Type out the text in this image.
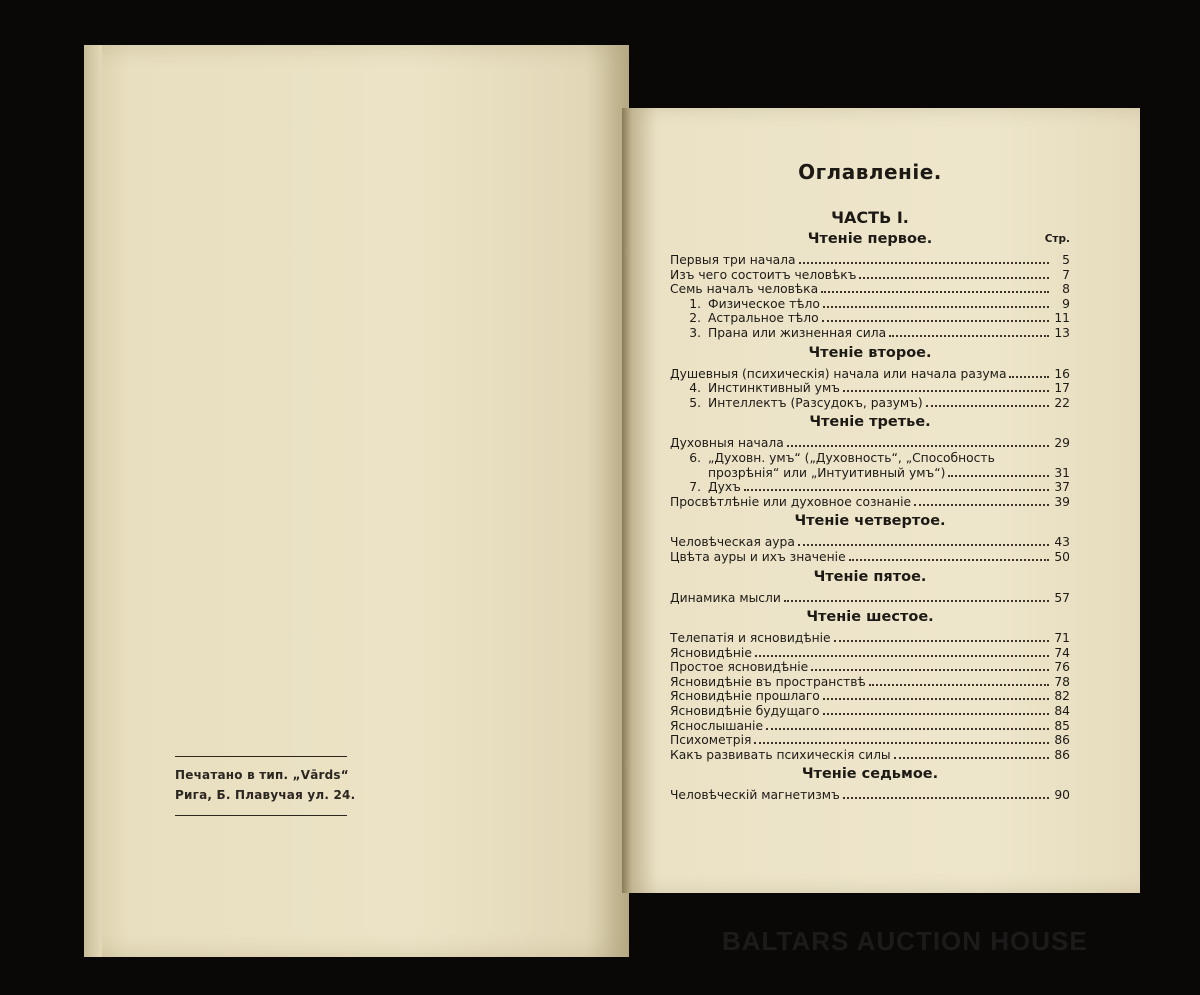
Печатано в тип. „Vārds“
Рига, Б. Плавучая ул. 24.
Оглавленіе.
ЧАСТЬ I.
Чтеніе первое.	Стр.
Первыя три начала	5
Изъ чего состоитъ человѣкъ	7
Семь началъ человѣка	8
1. Физическое тѣло	9
2. Астральное тѣло	11
3. Прана или жизненная сила	13
Чтеніе второе.
Душевныя (психическія) начала или начала разума	16
4. Инстинктивный умъ	17
5. Интеллектъ (Разсудокъ, разумъ)	22
Чтеніе третье.
Духовныя начала	29
6. „Духовн. умъ“ („Духовность“, „Способность
прозрѣнія“ или „Интуитивный умъ“)	31
7. Духъ	37
Просвѣтлѣніе или духовное сознаніе	39
Чтеніе четвертое.
Человѣческая аура	43
Цвѣта ауры и ихъ значеніе	50
Чтеніе пятое.
Динамика мысли	57
Чтеніе шестое.
Телепатія и ясновидѣніе	71
Ясновидѣніе	74
Простое ясновидѣніе	76
Ясновидѣніе въ пространствѣ	78
Ясновидѣніе прошлаго	82
Ясновидѣніе будущаго	84
Яснослышаніе	85
Психометрія	86
Какъ развивать психическія силы	86
Чтеніе седьмое.
Человѣческій магнетизмъ	90
BALTARS AUCTION HOUSE
